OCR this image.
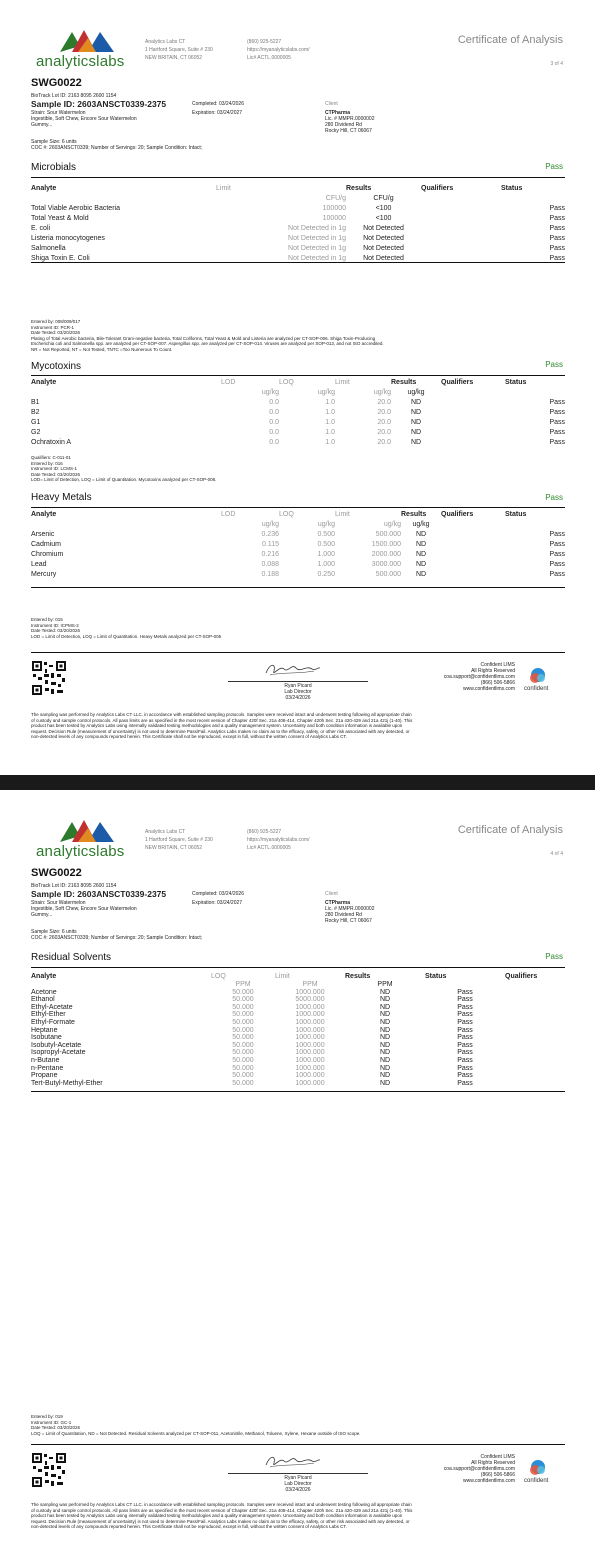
analyticslabs
Analytics Labs CT
1 Hartford Square, Suite # 230
NEW BRITAIN, CT 06052
(860) 925-5227
https://myanalyticslabs.com/
Lic# ACTL.0000005
Certificate of Analysis
3 of 4
SWG0022
BioTrack Lot ID: 2163 8095 2600 1154
Sample ID: 2603ANSCT0339-2375	Completed: 03/24/2026
Expiration: 03/24/2027
Strain: Sour Watermelon
Ingestible, Soft Chew, Encore Sour Watermelon
Gummy...
Sample Size: 6 units
COC #: 2603ANSCT0339; Number of Servings: 20; Sample Condition: Intact;
Client
CTPharma
Lic. # MMPR.0000002
280 Dividend Rd
Rocky Hill, CT 06067
Microbials	Pass
Analyte	Limit	Results	Qualifiers	Status
	CFU/g	CFU/g		
Total Viable Aerobic Bacteria	100000	<100		Pass
Total Yeast & Mold	100000	<100		Pass
E. coli	Not Detected in 1g	Not Detected		Pass
Listeria monocytogenes	Not Detected in 1g	Not Detected		Pass
Salmonella	Not Detected in 1g	Not Detected		Pass
Shiga Toxin E. Coli	Not Detected in 1g	Not Detected		Pass
Entered by: 008/009/017
Instrument ID: PCR-1
Date Tested: 03/20/2026
Plating of Total Aerobic bacteria, Bile-Tolerant Gram-negative bacteria, Total Coliforms, Total Yeast & Mold and Listeria are analyzed per CT-SOP-006. Shiga Toxin-Producing
Escherichia coli and Salmonella spp. are analyzed per CT-SOP-007. Aspergillus spp. are analyzed per CT-SOP-014. Viruses are analyzed per SOP-013, and not ISO accredited.
NR = Not Reported, NT = Not Tested, TNTC =Too Numerous To Count.
Mycotoxins	Pass
Analyte	LOD	LOQ	Limit	Results	Qualifiers	Status
	ug/kg	ug/kg	ug/kg	ug/kg		
B1	0.0	1.0	20.0	ND		Pass
B2	0.0	1.0	20.0	ND		Pass
G1	0.0	1.0	20.0	ND		Pass
G2	0.0	1.0	20.0	ND		Pass
Ochratoxin A	0.0	1.0	20.0	ND		Pass
Qualifiers: C-011-01
Entered by: 016
Instrument ID: LCMS-1
Date Tested: 03/20/2026
LOD= Limit of Detection, LOQ = Limit of Quantitation. Mycotoxins analyzed per CT-SOP-008.
Heavy Metals	Pass
Analyte	LOD	LOQ	Limit	Results	Qualifiers	Status
	ug/kg	ug/kg	ug/kg	ug/kg		
Arsenic	0.236	0.500	500.000	ND		Pass
Cadmium	0.115	0.500	1500.000	ND		Pass
Chromium	0.216	1.000	2000.000	ND		Pass
Lead	0.088	1.000	3000.000	ND		Pass
Mercury	0.188	0.250	500.000	ND		Pass
Entered by: 015
Instrument ID: ICPMS-2
Date Tested: 03/20/2026
LOD = Limit of Detection, LOQ = Limit of Quantitation. Heavy Metals analyzed per CT-SOP-005
Ryan Picard
Lab Director
03/24/2026
Confident LIMS
All Rights Reserved
coa.support@confidentlims.com
(866) 506-5866
www.confidentlims.com confident
The sampling was performed by Analytics Labs CT LLC. in accordance with established sampling protocols. Samples were received intact and underwent testing following all appropriate chain
of custody and sample control protocols. All pass limits are as specified in the most recent version of Chapter 420f Sec. 21a 408-414, Chapter 420h Sec. 21a 420-429 and 21a 421j (1-40). This
product has been tested by Analytics Labs using internally validated testing methodologies and a quality management system. Uncertainty and both condition information is available upon
request. Decision Rule (measurement of uncertainty) is not used to determine Pass/Fail. Analytics Labs makes no claim as to the efficacy, safety, or other risk associated with any detected, or
non-detected levels of any compounds reported herein. This Certificate shall not be reproduced, except in full, without the written consent of Analytics Labs CT.
analyticslabs
Analytics Labs CT
1 Hartford Square, Suite # 230
NEW BRITAIN, CT 06052
(860) 925-5227
https://myanalyticslabs.com/
Lic# ACTL.0000005
Certificate of Analysis
4 of 4
SWG0022
BioTrack Lot ID: 2163 8095 2600 1154
Sample ID: 2603ANSCT0339-2375	Completed: 03/24/2026
Expiration: 03/24/2027
Strain: Sour Watermelon
Ingestible, Soft Chew, Encore Sour Watermelon
Gummy...
Sample Size: 6 units
COC #: 2603ANSCT0339; Number of Servings: 20; Sample Condition: Intact;
Client
CTPharma
Lic. # MMPR.0000002
280 Dividend Rd
Rocky Hill, CT 06067
Residual Solvents	Pass
Analyte	LOQ	Limit	Results	Status	Qualifiers
	PPM	PPM	PPM		
Acetone	50.000	1000.000	ND	Pass	
Ethanol	50.000	5000.000	ND	Pass	
Ethyl-Acetate	50.000	1000.000	ND	Pass	
Ethyl-Ether	50.000	1000.000	ND	Pass	
Ethyl-Formate	50.000	1000.000	ND	Pass	
Heptane	50.000	1000.000	ND	Pass	
Isobutane	50.000	1000.000	ND	Pass	
Isobutyl-Acetate	50.000	1000.000	ND	Pass	
Isopropyl-Acetate	50.000	1000.000	ND	Pass	
n-Butane	50.000	1000.000	ND	Pass	
n-Pentane	50.000	1000.000	ND	Pass	
Propane	50.000	1000.000	ND	Pass	
Tert-Butyl-Methyl-Ether	50.000	1000.000	ND	Pass	
Entered by: 019
Instrument ID: GC-1
Date Tested: 03/20/2026
LOQ = Limit of Quantitation, ND = Not Detected. Residual Solvents analyzed per CT-SOP-011, Acetonitrile, Methanol, Toluene, Xylene, Hexane outside of ISO scope.
Ryan Picard
Lab Director
03/24/2026
Confident LIMS
All Rights Reserved
coa.support@confidentlims.com
(866) 506-5866
www.confidentlims.com confident
The sampling was performed by Analytics Labs CT LLC. in accordance with established sampling protocols. Samples were received intact and underwent testing following all appropriate chain
of custody and sample control protocols. All pass limits are as specified in the most recent version of Chapter 420f Sec. 21a 408-414, Chapter 420h Sec. 21a 420-429 and 21a 421j (1-40). This
product has been tested by Analytics Labs using internally validated testing methodologies and a quality management system. Uncertainty and both condition information is available upon
request. Decision Rule (measurement of uncertainty) is not used to determine Pass/Fail. Analytics Labs makes no claim as to the efficacy, safety, or other risk associated with any detected, or
non-detected levels of any compounds reported herein. This Certificate shall not be reproduced, except in full, without the written consent of Analytics Labs CT.
